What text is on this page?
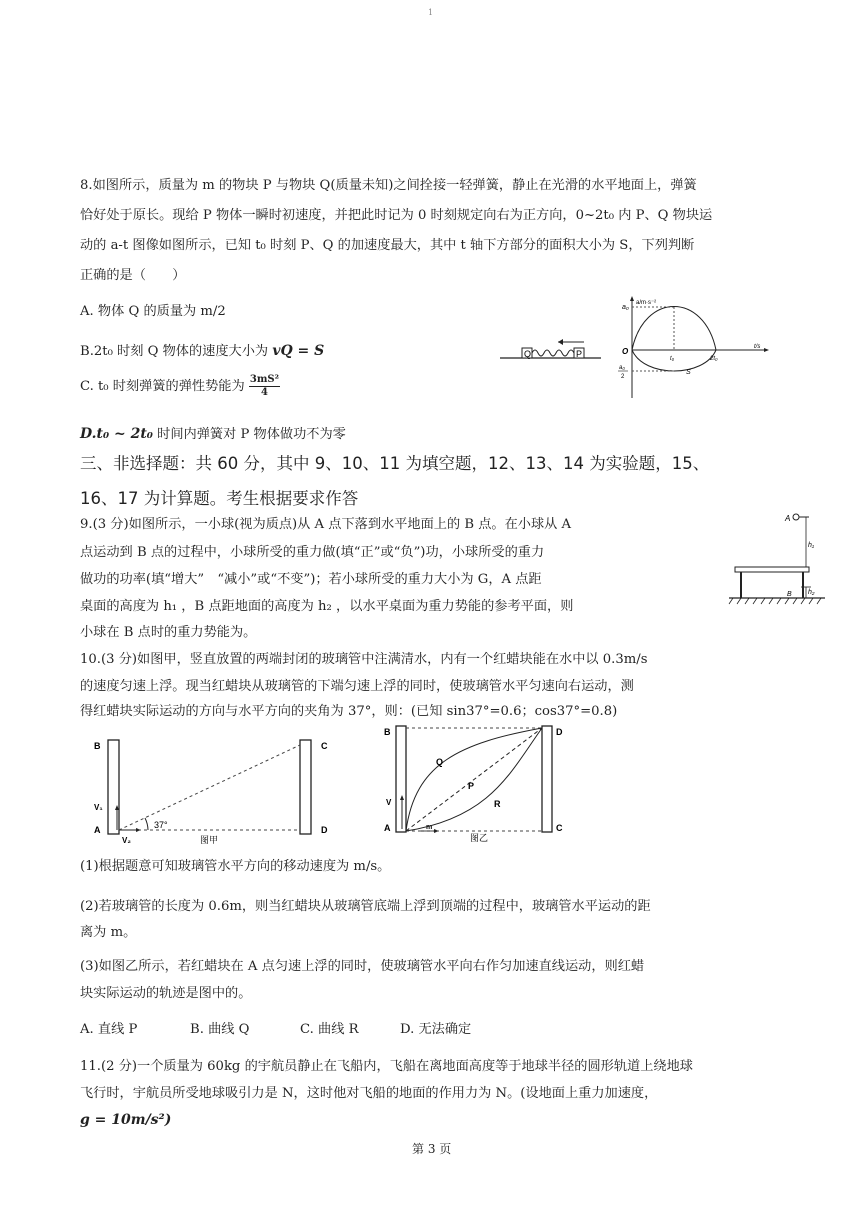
1
8.如图所示，质量为 m 的物块 P 与物块 Q(质量未知)之间拴接一轻弹簧，静止在光滑的水平地面上，弹簧
恰好处于原长。现给 P 物体一瞬时初速度，并把此时记为 0 时刻规定向右为正方向，0~2t₀ 内 P、Q 物块运
动的 a-t 图像如图所示，已知 t₀ 时刻 P、Q 的加速度最大，其中 t 轴下方部分的面积大小为 S，下列判断
正确的是（　　）
A. 物体 Q 的质量为 m/2
B.2t₀ 时刻 Q 物体的速度大小为 vQ = S
C. t₀ 时刻弹簧的弹性势能为 $\frac{\text{3mS²}}{4}$
D.t₀ ~ 2t₀ 时间内弹簧对 P 物体做功不为零
Q	P
a/m·s⁻²
a₀
O
t₀	2t₀
t/s
S
a₀
2
三、非选择题：共 60 分，其中 9、10、11 为填空题，12、13、14 为实验题，15、
16、17 为计算题。考生根据要求作答
9.(3 分)如图所示，一小球(视为质点)从 A 点下落到水平地面上的 B 点。在小球从 A
点运动到 B 点的过程中，小球所受的重力做(填“正”或“负”)功，小球所受的重力
做功的功率(填“增大”　“减小”或“不变”)；若小球所受的重力大小为 G，A 点距
桌面的高度为 h₁ ，B 点距地面的高度为 h₂ ，以水平桌面为重力势能的参考平面，则
小球在 B 点时的重力势能为。
A
h₁
h₂
B
10.(3 分)如图甲，竖直放置的两端封闭的玻璃管中注满清水，内有一个红蜡块能在水中以 0.3m/s
的速度匀速上浮。现当红蜡块从玻璃管的下端匀速上浮的同时，使玻璃管水平匀速向右运动，测
得红蜡块实际运动的方向与水平方向的夹角为 37°，则：(已知 sin37°=0.6；cos37°=0.8)
B	C
A	D
V₁
V₂
37°
图甲
B	D
A	C
V
m
Q
P
R
图乙
(1)根据题意可知玻璃管水平方向的移动速度为 m/s。
(2)若玻璃管的长度为 0.6m，则当红蜡块从玻璃管底端上浮到顶端的过程中，玻璃管水平运动的距
离为 m。
(3)如图乙所示，若红蜡块在 A 点匀速上浮的同时，使玻璃管水平向右作匀加速直线运动，则红蜡
块实际运动的轨迹是图中的。
A. 直线 P	B. 曲线 Q	C. 曲线 R	D. 无法确定
11.(2 分)一个质量为 60kg 的宇航员静止在飞船内，飞船在离地面高度等于地球半径的圆形轨道上绕地球
飞行时，宇航员所受地球吸引力是 N，这时他对飞船的地面的作用力为 N。(设地面上重力加速度，
g = 10m/s²)
第 3 页
